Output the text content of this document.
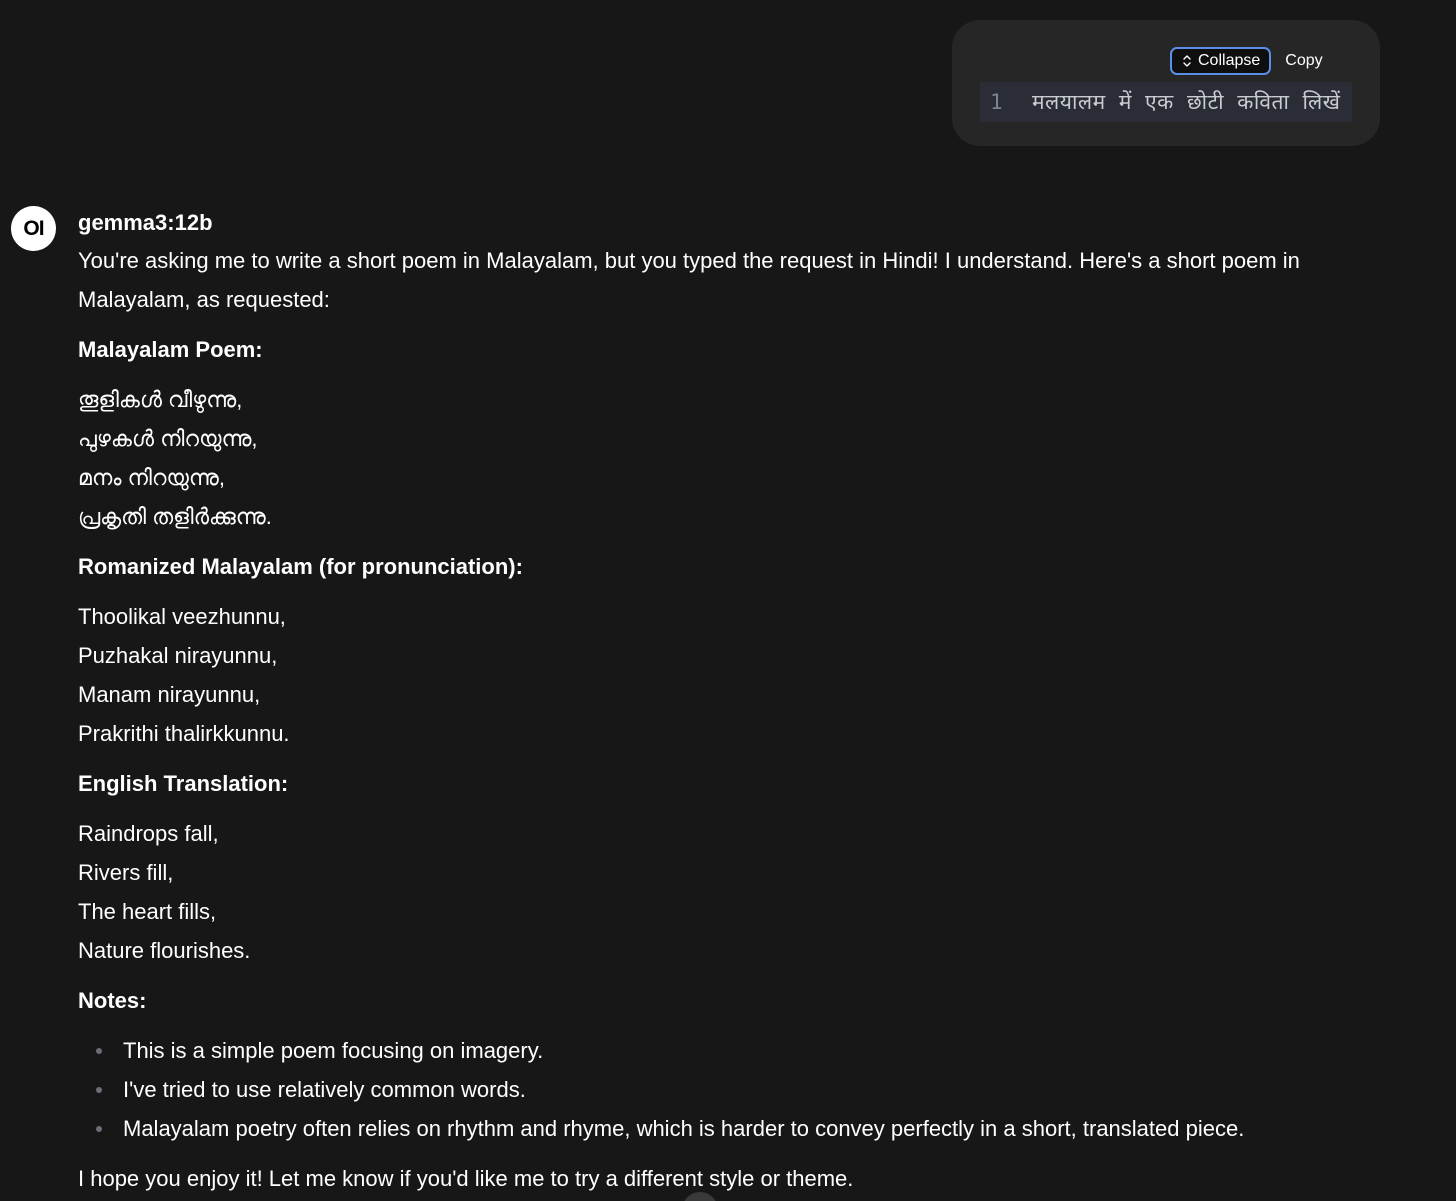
Collapse Copy
1	मलयालम में एक छोटी कविता लिखें
OI gemma3:12b

You're asking me to write a short poem in Malayalam, but you typed the request in Hindi! I understand. Here's a short poem in Malayalam, as requested:

Malayalam Poem:

തൂളികൾ വീഴുന്നു,
പുഴകൾ നിറയുന്നു,
മനം നിറയുന്നു,
പ്രകൃതി തളിർക്കുന്നു.

Romanized Malayalam (for pronunciation):

Thoolikal veezhunnu,
Puzhakal nirayunnu,
Manam nirayunnu,
Prakrithi thalirkkunnu.

English Translation:

Raindrops fall,
Rivers fill,
The heart fills,
Nature flourishes.

Notes:

This is a simple poem focusing on imagery.
I've tried to use relatively common words.
Malayalam poetry often relies on rhythm and rhyme, which is harder to convey perfectly in a short, translated piece.

I hope you enjoy it! Let me know if you'd like me to try a different style or theme.
